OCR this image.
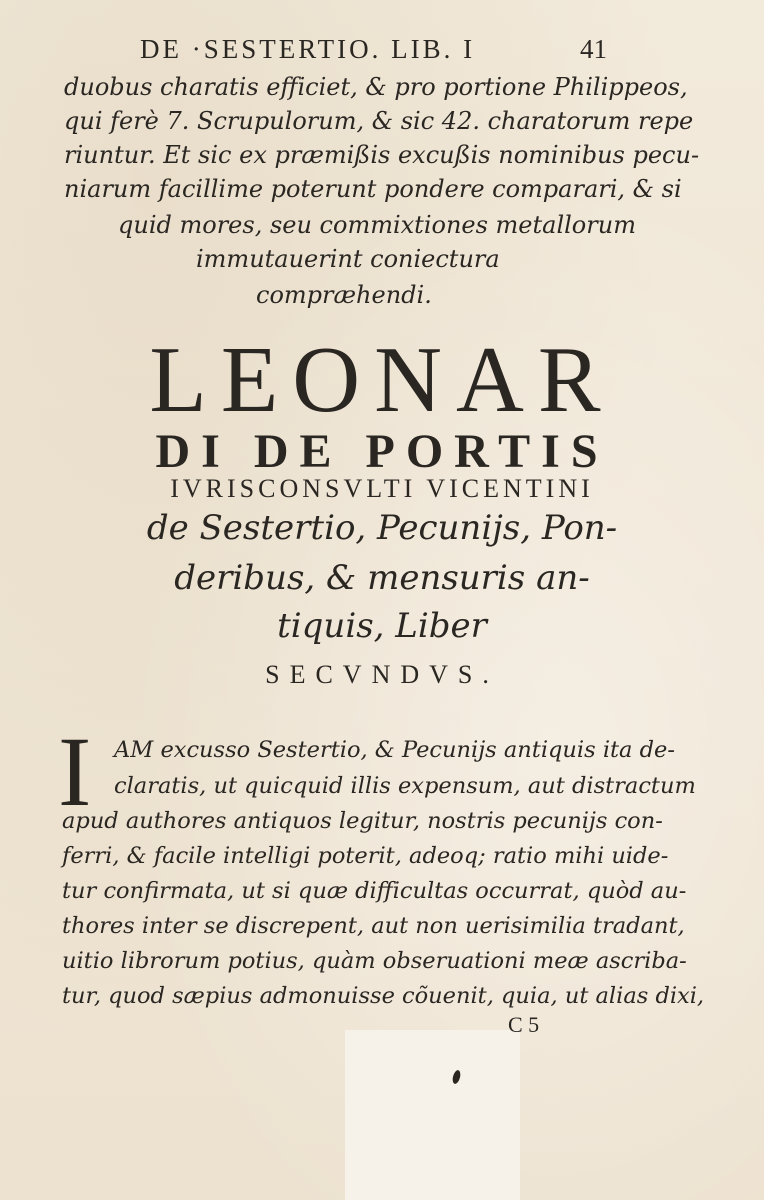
DE ·SESTERTIO. LIB. I	41
duobus charatis efficiet, & pro portione Philippeos,
qui ferè 7. Scrupulorum, & sic 42. charatorum repe
riuntur. Et sic ex præmißis excußis nominibus pecu-
niarum facillime poterunt pondere comparari, & si
quid mores, seu commixtiones metallorum
immutauerint coniectura
compræhendi.
LEONAR
DI DE PORTIS
IVRISCONSVLTI VICENTINI
de Sestertio, Pecunijs, Pon-
deribus, & mensuris an-
tiquis, Liber
SECVNDVS.
I AM excusso Sestertio, & Pecunijs antiquis ita de-
claratis, ut quicquid illis expensum, aut distractum
apud authores antiquos legitur, nostris pecunijs con-
ferri, & facile intelligi poterit, adeoq; ratio mihi uide-
tur confirmata, ut si quæ difficultas occurrat, quòd au-
thores inter se discrepent, aut non uerisimilia tradant,
uitio librorum potius, quàm obseruationi meæ ascriba-
tur, quod sæpius admonuisse cõuenit, quia, ut alias dixi,
C 5
